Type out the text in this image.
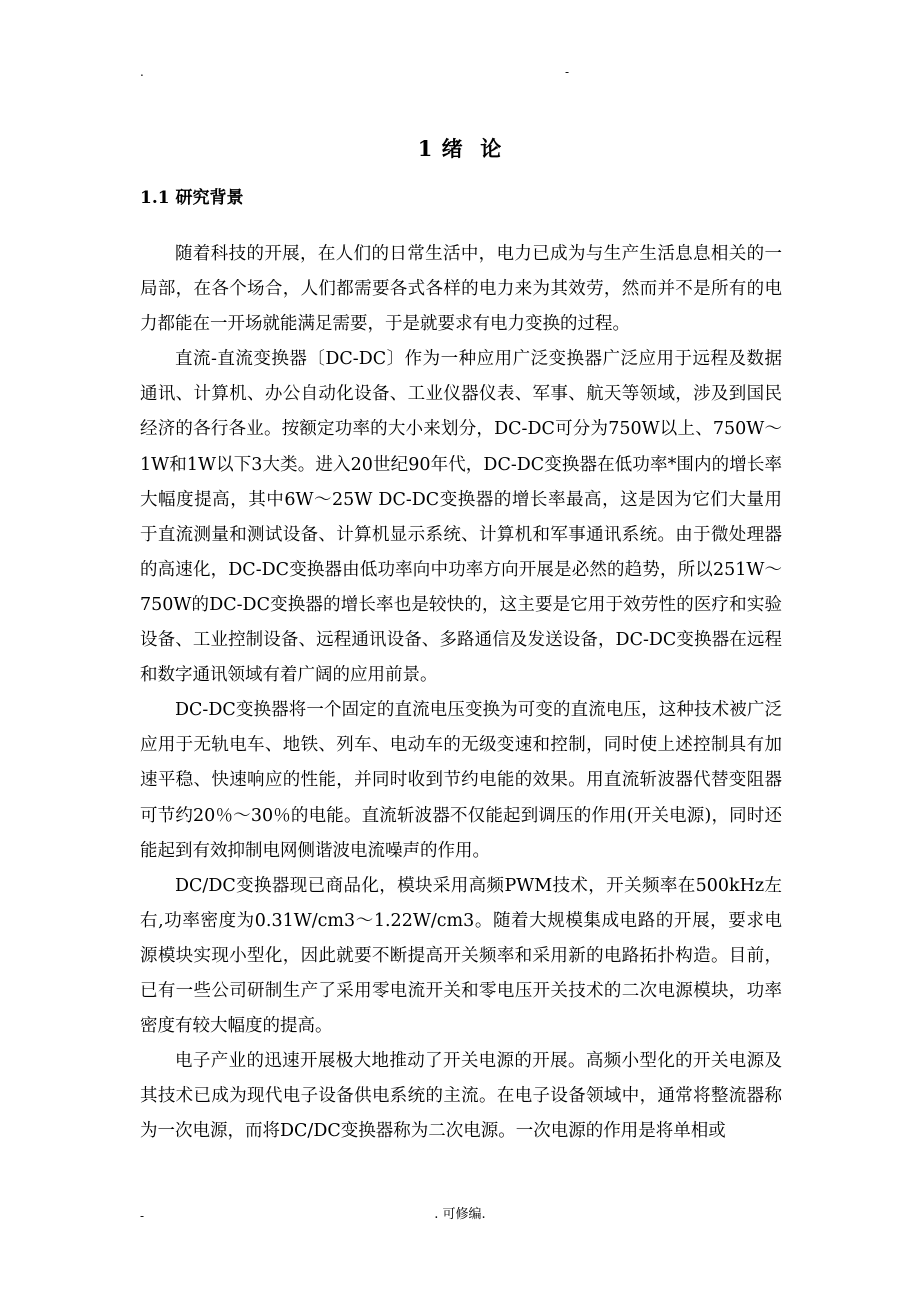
.	-
1 绪  论
1.1 研究背景

随着科技的开展，在人们的日常生活中，电力已成为与生产生活息息相关的一局部，在各个场合，人们都需要各式各样的电力来为其效劳，然而并不是所有的电力都能在一开场就能满足需要，于是就要求有电力变换的过程。

直流-直流变换器〔DC-DC〕作为一种应用广泛变换器广泛应用于远程及数据通讯、计算机、办公自动化设备、工业仪器仪表、军事、航天等领域，涉及到国民经济的各行各业。按额定功率的大小来划分，DC-DC可分为750W以上、750W～1W和1W以下3大类。进入20世纪90年代，DC-DC变换器在低功率*围内的增长率大幅度提高，其中6W～25W DC-DC变换器的增长率最高，这是因为它们大量用于直流测量和测试设备、计算机显示系统、计算机和军事通讯系统。由于微处理器的高速化，DC-DC变换器由低功率向中功率方向开展是必然的趋势，所以251W～750W的DC-DC变换器的增长率也是较快的，这主要是它用于效劳性的医疗和实验设备、工业控制设备、远程通讯设备、多路通信及发送设备，DC-DC变换器在远程和数字通讯领域有着广阔的应用前景。

DC-DC变换器将一个固定的直流电压变换为可变的直流电压，这种技术被广泛应用于无轨电车、地铁、列车、电动车的无级变速和控制，同时使上述控制具有加速平稳、快速响应的性能，并同时收到节约电能的效果。用直流斩波器代替变阻器可节约20％～30％的电能。直流斩波器不仅能起到调压的作用(开关电源)，同时还能起到有效抑制电网侧谐波电流噪声的作用。

DC/DC变换器现已商品化，模块采用高频PWM技术，开关频率在500kHz左右,功率密度为0.31W/cm3～1.22W/cm3。随着大规模集成电路的开展，要求电源模块实现小型化，因此就要不断提高开关频率和采用新的电路拓扑构造。目前，已有一些公司研制生产了采用零电流开关和零电压开关技术的二次电源模块，功率密度有较大幅度的提高。

电子产业的迅速开展极大地推动了开关电源的开展。高频小型化的开关电源及其技术已成为现代电子设备供电系统的主流。在电子设备领域中，通常将整流器称为一次电源，而将DC/DC变换器称为二次电源。一次电源的作用是将单相或

-	. 可修编.
